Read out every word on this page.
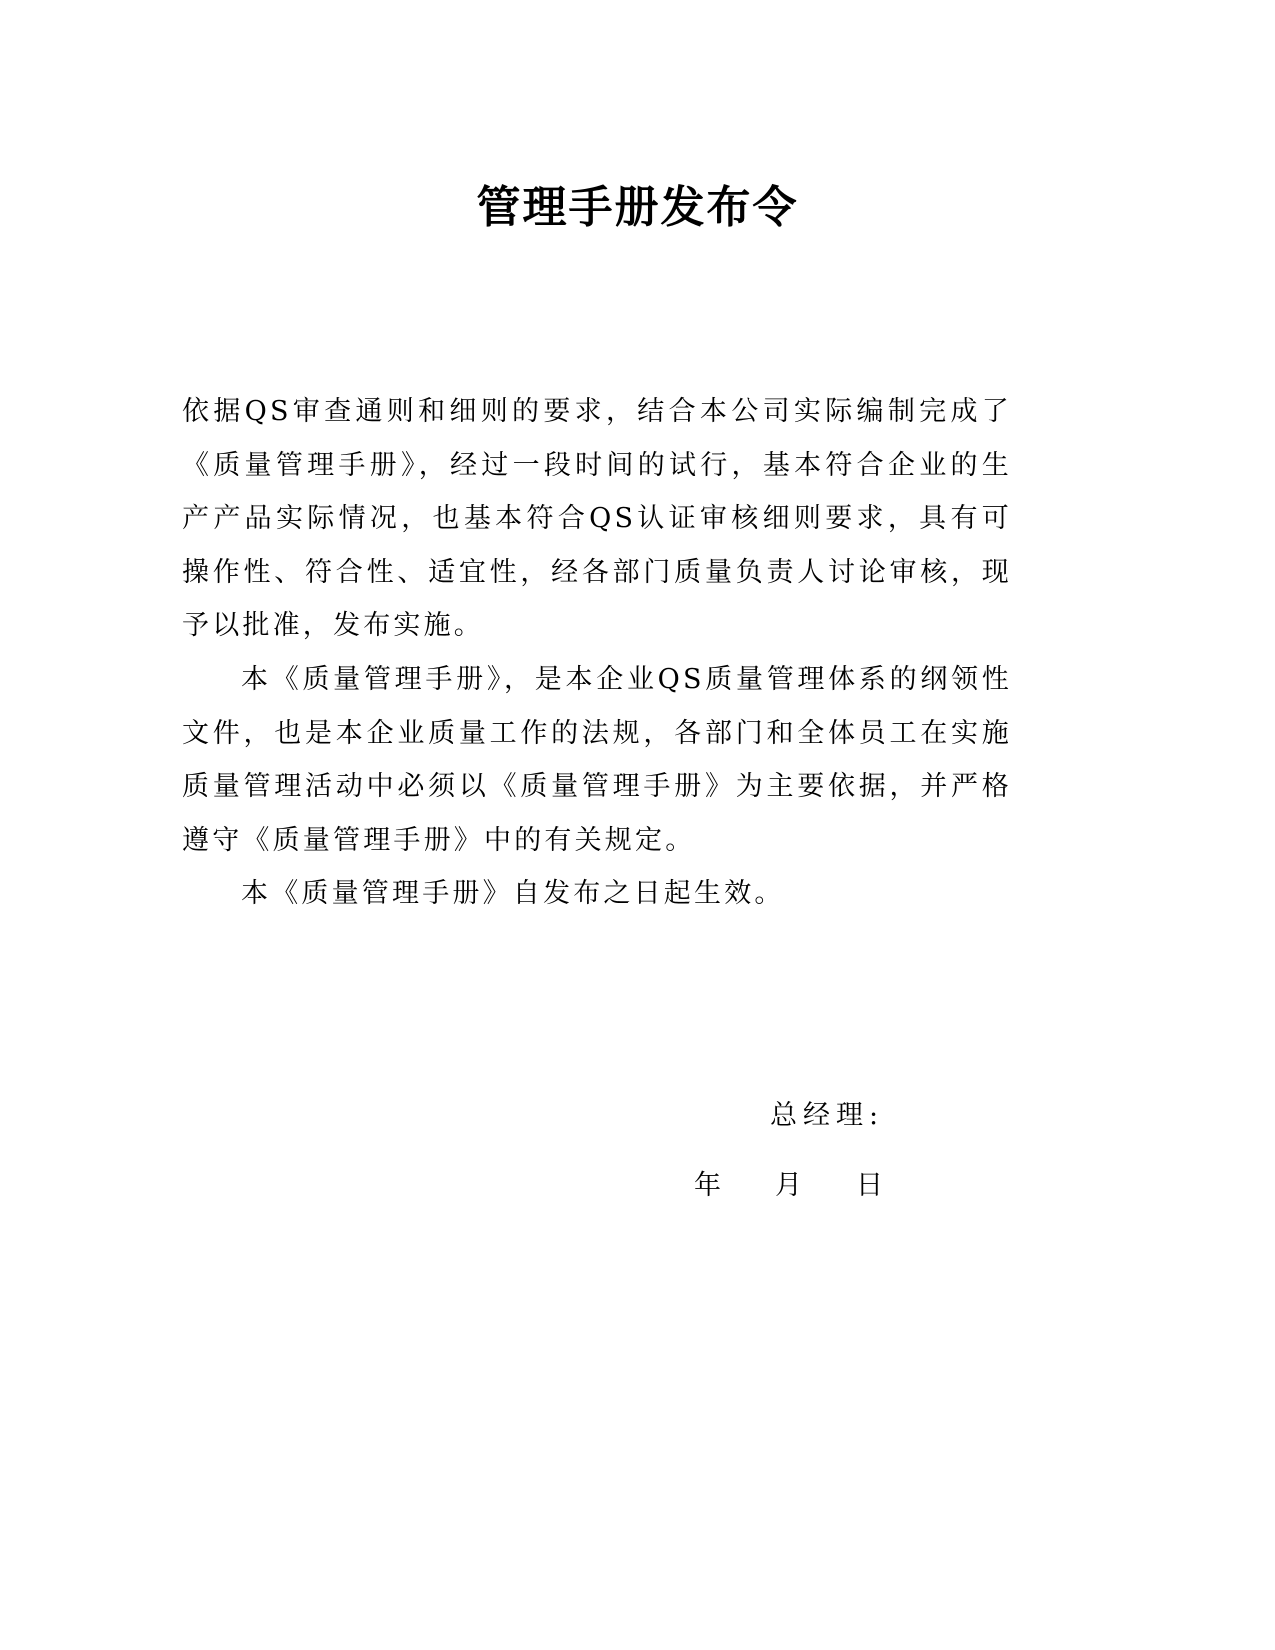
管理手册发布令

依据QS审查通则和细则的要求，结合本公司实际编制完成了《质量管理手册》，经过一段时间的试行，基本符合企业的生产产品实际情况，也基本符合QS认证审核细则要求，具有可操作性、符合性、适宜性，经各部门质量负责人讨论审核，现予以批准，发布实施。

本《质量管理手册》，是本企业QS质量管理体系的纲领性文件，也是本企业质量工作的法规，各部门和全体员工在实施质量管理活动中必须以《质量管理手册》为主要依据，并严格遵守《质量管理手册》中的有关规定。

本《质量管理手册》自发布之日起生效。

总经理:
年 月 日
